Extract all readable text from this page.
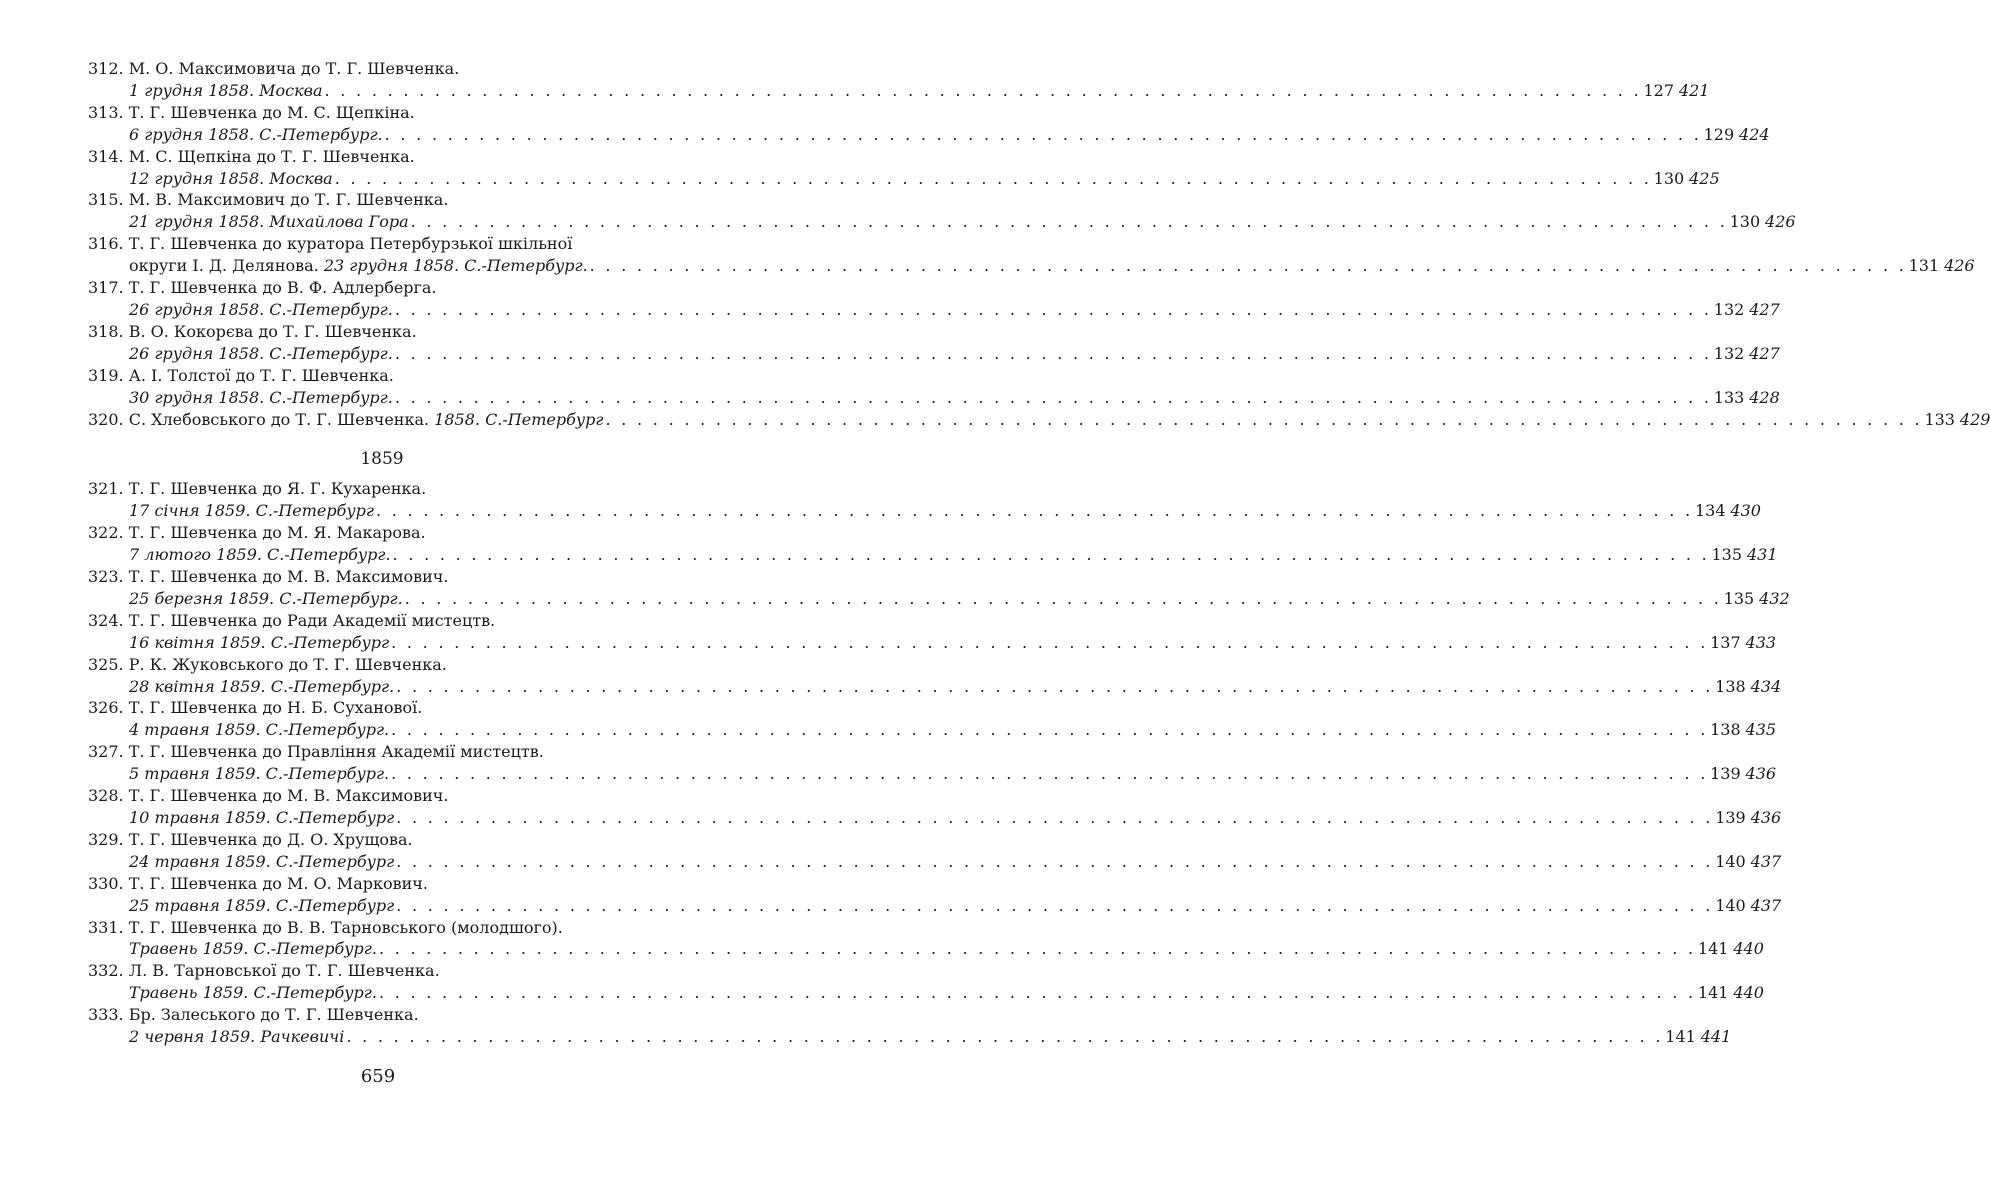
312. М. О. Максимовича до Т. Г. Шевченка.
1 грудня 1858. Москва . . . . . . . . . . . . . . . . . . . . . . . . . . . . . . . . . . . . . . . . . . . . . . . . . . . . . . . . . . . . . . . . . . . . . . . . . . . . . . . . . . . . 127 421
313. Т. Г. Шевченка до М. С. Щепкіна.
6 грудня 1858. С.-Петербург. . . . . . . . . . . . . . . . . . . . . . . . . . . . . . . . . . . . . . . . . . . . . . . . . . . . . . . . . . . . . . . . . . . . . . . . . . . . . . . . . . . . . 129 424
314. М. С. Щепкіна до Т. Г. Шевченка.
12 грудня 1858. Москва . . . . . . . . . . . . . . . . . . . . . . . . . . . . . . . . . . . . . . . . . . . . . . . . . . . . . . . . . . . . . . . . . . . . . . . . . . . . . . . . . . . . 130 425
315. М. В. Максимович до Т. Г. Шевченка.
21 грудня 1858. Михайлова Гора . . . . . . . . . . . . . . . . . . . . . . . . . . . . . . . . . . . . . . . . . . . . . . . . . . . . . . . . . . . . . . . . . . . . . . . . . . . . . . . . . . . . 130 426
316. Т. Г. Шевченка до куратора Петербурзької шкільної
округи І. Д. Делянова. 23 грудня 1858. С.-Петербург. . . . . . . . . . . . . . . . . . . . . . . . . . . . . . . . . . . . . . . . . . . . . . . . . . . . . . . . . . . . . . . . . . . . . . . . . . . . . . . . . . . . . 131 426
317. Т. Г. Шевченка до В. Ф. Адлерберга.
26 грудня 1858. С.-Петербург. . . . . . . . . . . . . . . . . . . . . . . . . . . . . . . . . . . . . . . . . . . . . . . . . . . . . . . . . . . . . . . . . . . . . . . . . . . . . . . . . . . . . 132 427
318. В. О. Кокорєва до Т. Г. Шевченка.
26 грудня 1858. С.-Петербург. . . . . . . . . . . . . . . . . . . . . . . . . . . . . . . . . . . . . . . . . . . . . . . . . . . . . . . . . . . . . . . . . . . . . . . . . . . . . . . . . . . . . 132 427
319. А. І. Толстої до Т. Г. Шевченка.
30 грудня 1858. С.-Петербург. . . . . . . . . . . . . . . . . . . . . . . . . . . . . . . . . . . . . . . . . . . . . . . . . . . . . . . . . . . . . . . . . . . . . . . . . . . . . . . . . . . . . 133 428
320. С. Хлебовського до Т. Г. Шевченка. 1858. С.-Петербург . . . . . . . . . . . . . . . . . . . . . . . . . . . . . . . . . . . . . . . . . . . . . . . . . . . . . . . . . . . . . . . . . . . . . . . . . . . . . . . . . . . . 133 429
1859
321. Т. Г. Шевченка до Я. Г. Кухаренка.
17 січня 1859. С.-Петербург . . . . . . . . . . . . . . . . . . . . . . . . . . . . . . . . . . . . . . . . . . . . . . . . . . . . . . . . . . . . . . . . . . . . . . . . . . . . . . . . . . . . 134 430
322. Т. Г. Шевченка до М. Я. Макарова.
7 лютого 1859. С.-Петербург. . . . . . . . . . . . . . . . . . . . . . . . . . . . . . . . . . . . . . . . . . . . . . . . . . . . . . . . . . . . . . . . . . . . . . . . . . . . . . . . . . . . . 135 431
323. Т. Г. Шевченка до М. В. Максимович.
25 березня 1859. С.-Петербург. . . . . . . . . . . . . . . . . . . . . . . . . . . . . . . . . . . . . . . . . . . . . . . . . . . . . . . . . . . . . . . . . . . . . . . . . . . . . . . . . . . . . 135 432
324. Т. Г. Шевченка до Ради Академії мистецтв.
16 квітня 1859. С.-Петербург . . . . . . . . . . . . . . . . . . . . . . . . . . . . . . . . . . . . . . . . . . . . . . . . . . . . . . . . . . . . . . . . . . . . . . . . . . . . . . . . . . . . 137 433
325. Р. К. Жуковського до Т. Г. Шевченка.
28 квітня 1859. С.-Петербург. . . . . . . . . . . . . . . . . . . . . . . . . . . . . . . . . . . . . . . . . . . . . . . . . . . . . . . . . . . . . . . . . . . . . . . . . . . . . . . . . . . . . 138 434
326. Т. Г. Шевченка до Н. Б. Суханової.
4 травня 1859. С.-Петербург. . . . . . . . . . . . . . . . . . . . . . . . . . . . . . . . . . . . . . . . . . . . . . . . . . . . . . . . . . . . . . . . . . . . . . . . . . . . . . . . . . . . . 138 435
327. Т. Г. Шевченка до Правління Академії мистецтв.
5 травня 1859. С.-Петербург. . . . . . . . . . . . . . . . . . . . . . . . . . . . . . . . . . . . . . . . . . . . . . . . . . . . . . . . . . . . . . . . . . . . . . . . . . . . . . . . . . . . . 139 436
328. Т. Г. Шевченка до М. В. Максимович.
10 травня 1859. С.-Петербург . . . . . . . . . . . . . . . . . . . . . . . . . . . . . . . . . . . . . . . . . . . . . . . . . . . . . . . . . . . . . . . . . . . . . . . . . . . . . . . . . . . . 139 436
329. Т. Г. Шевченка до Д. О. Хрущова.
24 травня 1859. С.-Петербург . . . . . . . . . . . . . . . . . . . . . . . . . . . . . . . . . . . . . . . . . . . . . . . . . . . . . . . . . . . . . . . . . . . . . . . . . . . . . . . . . . . . 140 437
330. Т. Г. Шевченка до М. О. Маркович.
25 травня 1859. С.-Петербург . . . . . . . . . . . . . . . . . . . . . . . . . . . . . . . . . . . . . . . . . . . . . . . . . . . . . . . . . . . . . . . . . . . . . . . . . . . . . . . . . . . . 140 437
331. Т. Г. Шевченка до В. В. Тарновського (молодшого).
Травень 1859. С.-Петербург. . . . . . . . . . . . . . . . . . . . . . . . . . . . . . . . . . . . . . . . . . . . . . . . . . . . . . . . . . . . . . . . . . . . . . . . . . . . . . . . . . . . . 141 440
332. Л. В. Тарновської до Т. Г. Шевченка.
Травень 1859. С.-Петербург. . . . . . . . . . . . . . . . . . . . . . . . . . . . . . . . . . . . . . . . . . . . . . . . . . . . . . . . . . . . . . . . . . . . . . . . . . . . . . . . . . . . . 141 440
333. Бр. Залеського до Т. Г. Шевченка.
2 червня 1859. Рачкевичі . . . . . . . . . . . . . . . . . . . . . . . . . . . . . . . . . . . . . . . . . . . . . . . . . . . . . . . . . . . . . . . . . . . . . . . . . . . . . . . . . . . . 141 441
659
